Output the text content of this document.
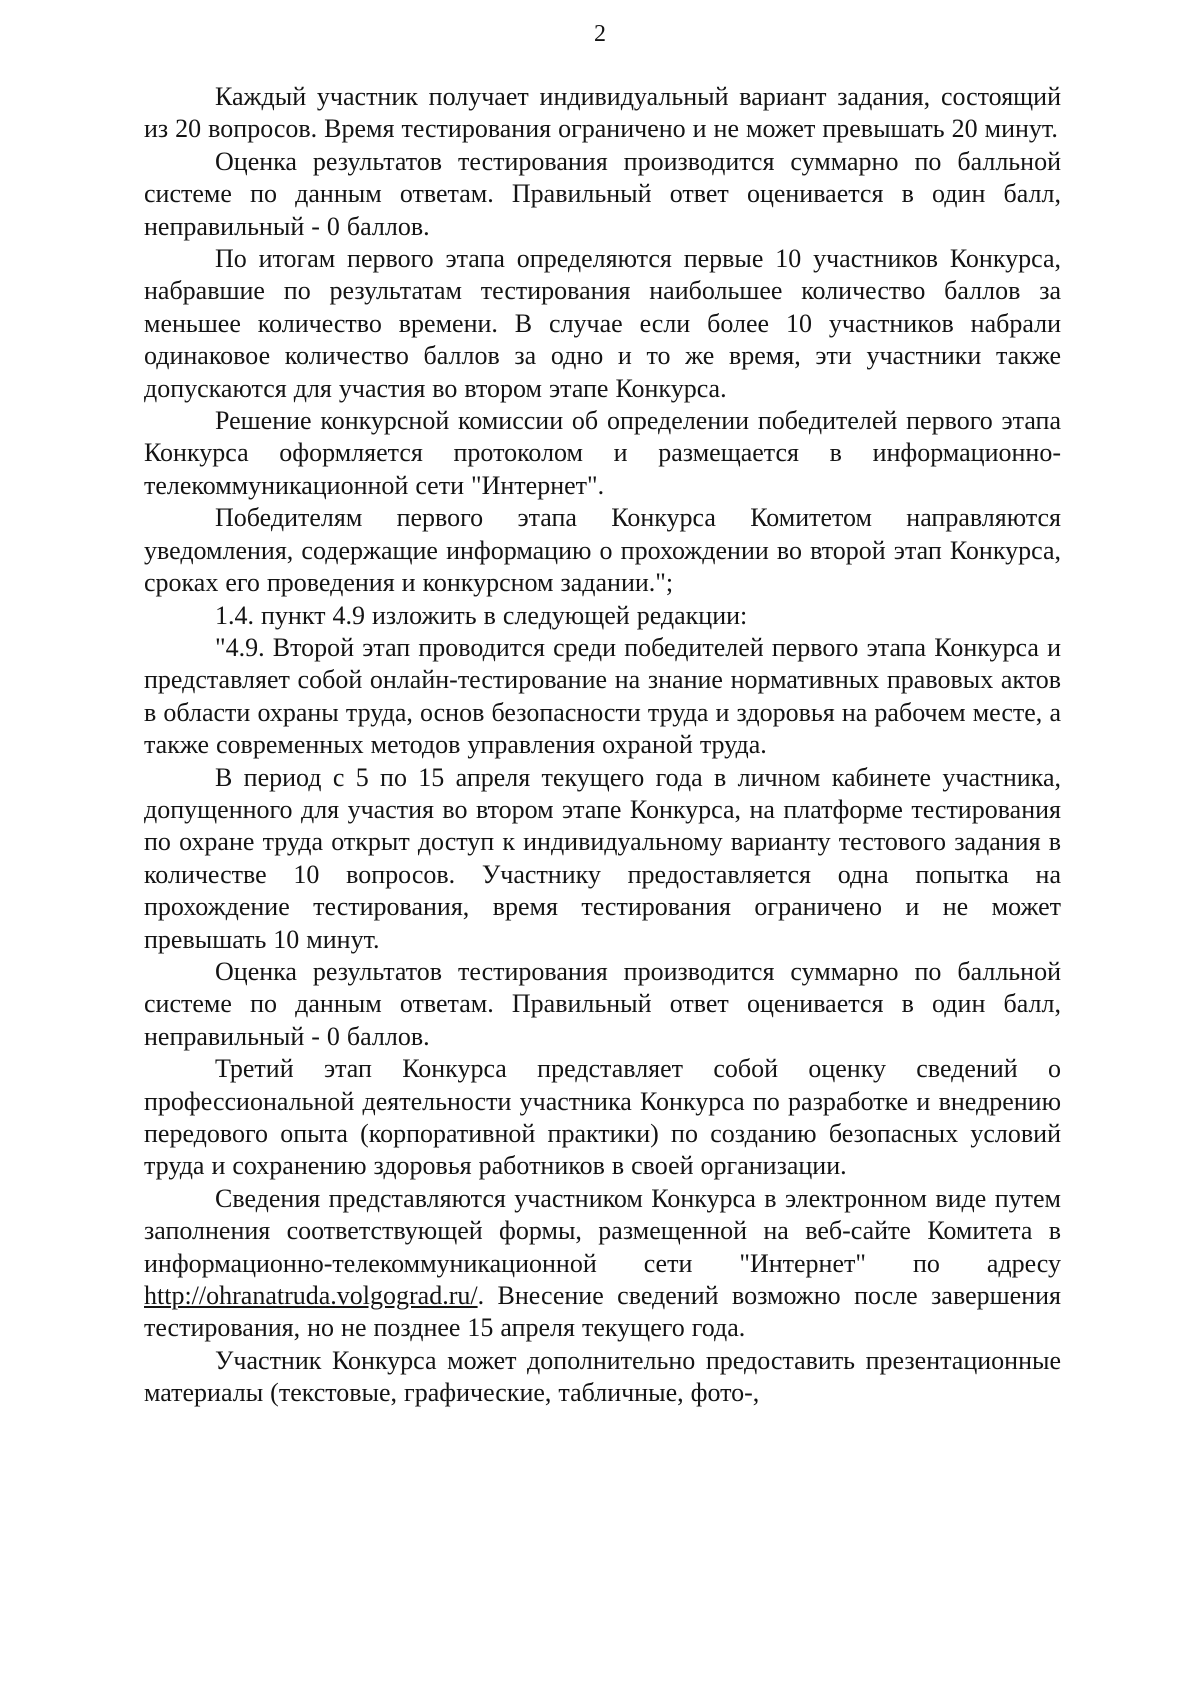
2

Каждый участник получает индивидуальный вариант задания, состоящий из 20 вопросов. Время тестирования ограничено и не может превышать 20 минут.

Оценка результатов тестирования производится суммарно по балльной системе по данным ответам. Правильный ответ оценивается в один балл, неправильный - 0 баллов.

По итогам первого этапа определяются первые 10 участников Конкурса, набравшие по результатам тестирования наибольшее количество баллов за меньшее количество времени. В случае если более 10 участников набрали одинаковое количество баллов за одно и то же время, эти участники также допускаются для участия во втором этапе Конкурса.

Решение конкурсной комиссии об определении победителей первого этапа Конкурса оформляется протоколом и размещается в информационно-телекоммуникационной сети "Интернет".

Победителям первого этапа Конкурса Комитетом направляются уведомления, содержащие информацию о прохождении во второй этап Конкурса, сроках его проведения и конкурсном задании.";

1.4. пункт 4.9 изложить в следующей редакции:

"4.9. Второй этап проводится среди победителей первого этапа Конкурса и представляет собой онлайн-тестирование на знание нормативных правовых актов в области охраны труда, основ безопасности труда и здоровья на рабочем месте, а также современных методов управления охраной труда.

В период с 5 по 15 апреля текущего года в личном кабинете участника, допущенного для участия во втором этапе Конкурса, на платформе тестирования по охране труда открыт доступ к индивидуальному варианту тестового задания в количестве 10 вопросов. Участнику предоставляется одна попытка на прохождение тестирования, время тестирования ограничено и не может превышать 10 минут.

Оценка результатов тестирования производится суммарно по балльной системе по данным ответам. Правильный ответ оценивается в один балл, неправильный - 0 баллов.

Третий этап Конкурса представляет собой оценку сведений о профессиональной деятельности участника Конкурса по разработке и внедрению передового опыта (корпоративной практики) по созданию безопасных условий труда и сохранению здоровья работников в своей организации.

Сведения представляются участником Конкурса в электронном виде путем заполнения соответствующей формы, размещенной на веб-сайте Комитета в информационно-телекоммуникационной сети "Интернет" по адресу http://ohranatruda.volgograd.ru/. Внесение сведений возможно после завершения тестирования, но не позднее 15 апреля текущего года.

Участник Конкурса может дополнительно предоставить презентационные материалы (текстовые, графические, табличные, фото-,
